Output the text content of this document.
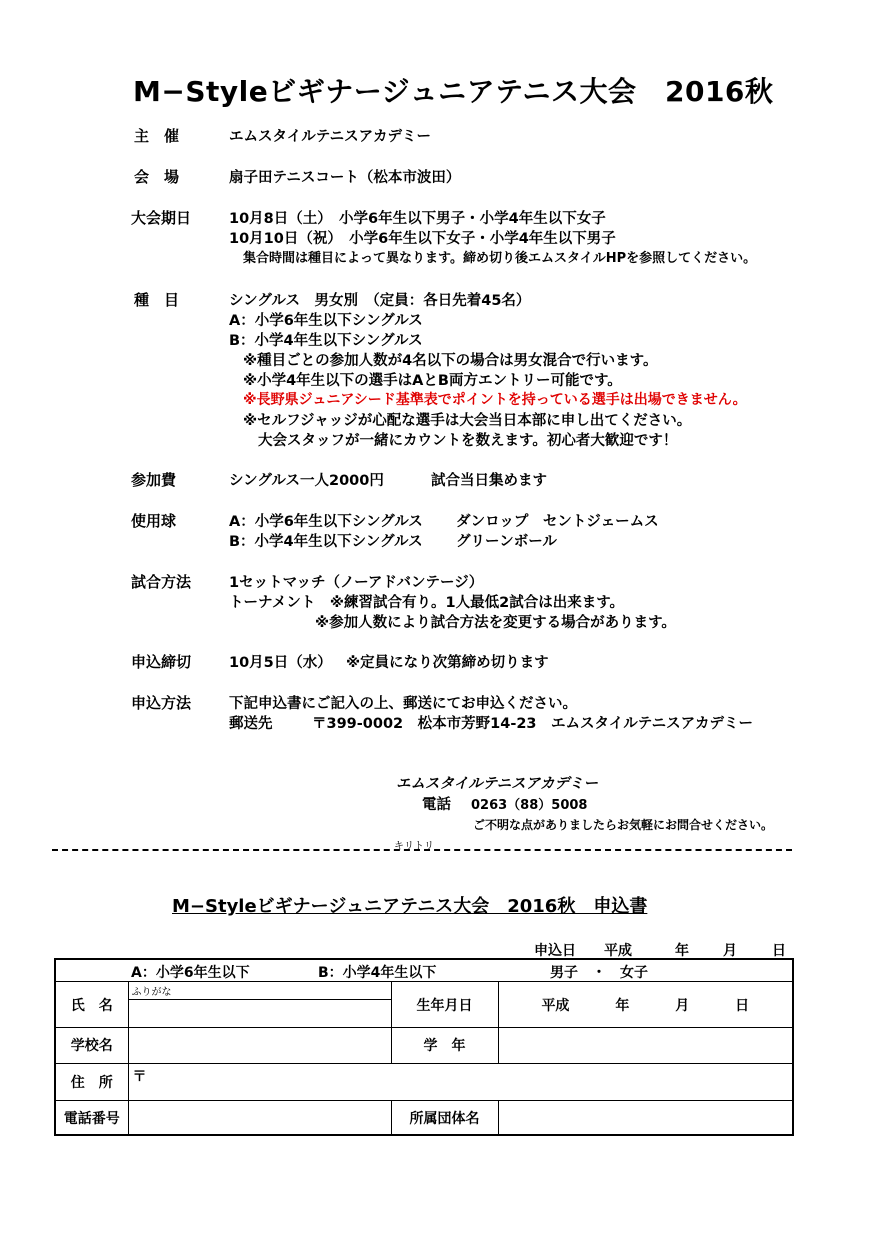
M−Styleビギナージュニアテニス大会　2016秋
主　催	エムスタイルテニスアカデミー
会　場	扇子田テニスコート（松本市波田）
大会期日	10月8日（土）　小学6年生以下男子・小学4年生以下女子
10月10日（祝）　小学6年生以下女子・小学4年生以下男子
集合時間は種目によって異なります。締め切り後エムスタイルHPを参照してください。
種　目	シングルス　男女別　（定員：各日先着45名）
A：小学6年生以下シングルス
B：小学4年生以下シングルス
※種目ごとの参加人数が4名以下の場合は男女混合で行います。
※小学4年生以下の選手はAとB両方エントリー可能です。
※長野県ジュニアシード基準表でポイントを持っている選手は出場できません。
※セルフジャッジが心配な選手は大会当日本部に申し出てください。
大会スタッフが一緒にカウントを数えます。初心者大歓迎です！
参加費	シングルス一人2000円	試合当日集めます
使用球	A：小学6年生以下シングルス ダンロップ　セントジェームス
B：小学4年生以下シングルス グリーンボール
試合方法	1セットマッチ（ノーアドバンテージ）
トーナメント　※練習試合有り。1人最低2試合は出来ます。
※参加人数により試合方法を変更する場合があります。
申込締切	10月5日（水） ※定員になり次第締め切ります
申込方法	下記申込書にご記入の上、郵送にてお申込ください。
郵送先	〒399-0002　松本市芳野14-23　エムスタイルテニスアカデミー
エムスタイルテニスアカデミー
電話 0263（88）5008
ご不明な点がありましたらお気軽にお問合せください。
キリトリ
M−Styleビギナージュニアテニス大会　2016秋　申込書
申込日 平成	年 月	日
A：小学6年生以下 B：小学4年生以下 男子　・　女子			

氏　名	ふりがな	生年月日	平成 年 月 日

学校名		学　年	
住　所	〒		

電話番号		所属団体名	
